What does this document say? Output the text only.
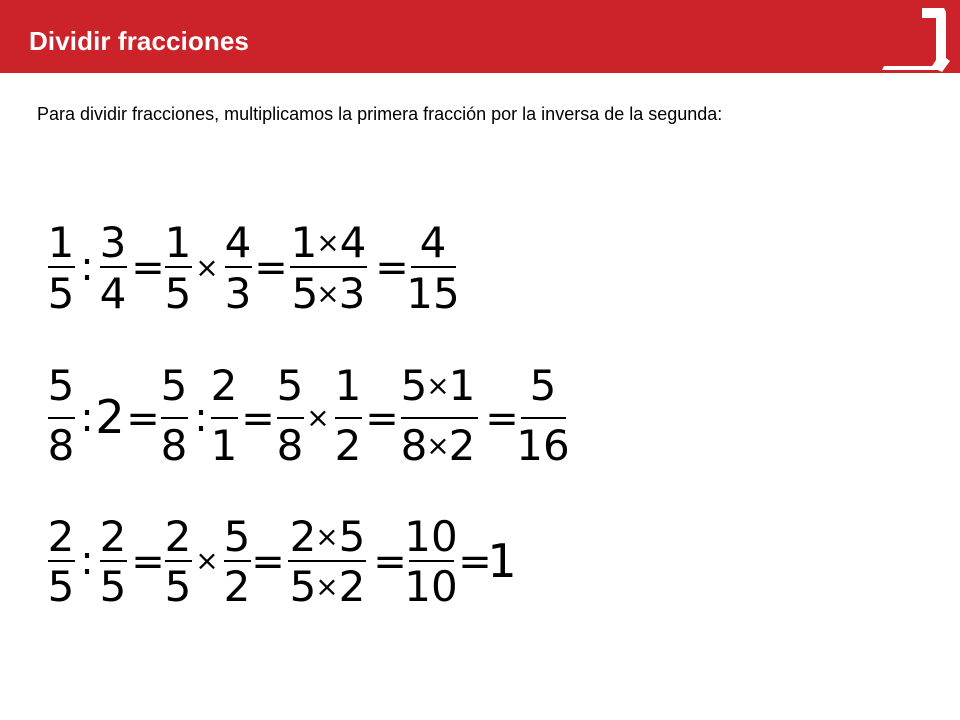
Dividir fracciones
Para dividir fracciones, multiplicamos la primera fracción por la inversa de la segunda:
1
5
: 3
4
=
1
5
×
4
3
=
1
× 4
5
×
3
=
4
15
5
8
: 2 =
5
8
:
2
1
=
5
8
×
1
2
=
5
×
1
8
×
2
=
5
16
2
5
: 2
5 =
2
5
× 5
2 =
2
× 5
5
× 2 =
10
10 =
1
